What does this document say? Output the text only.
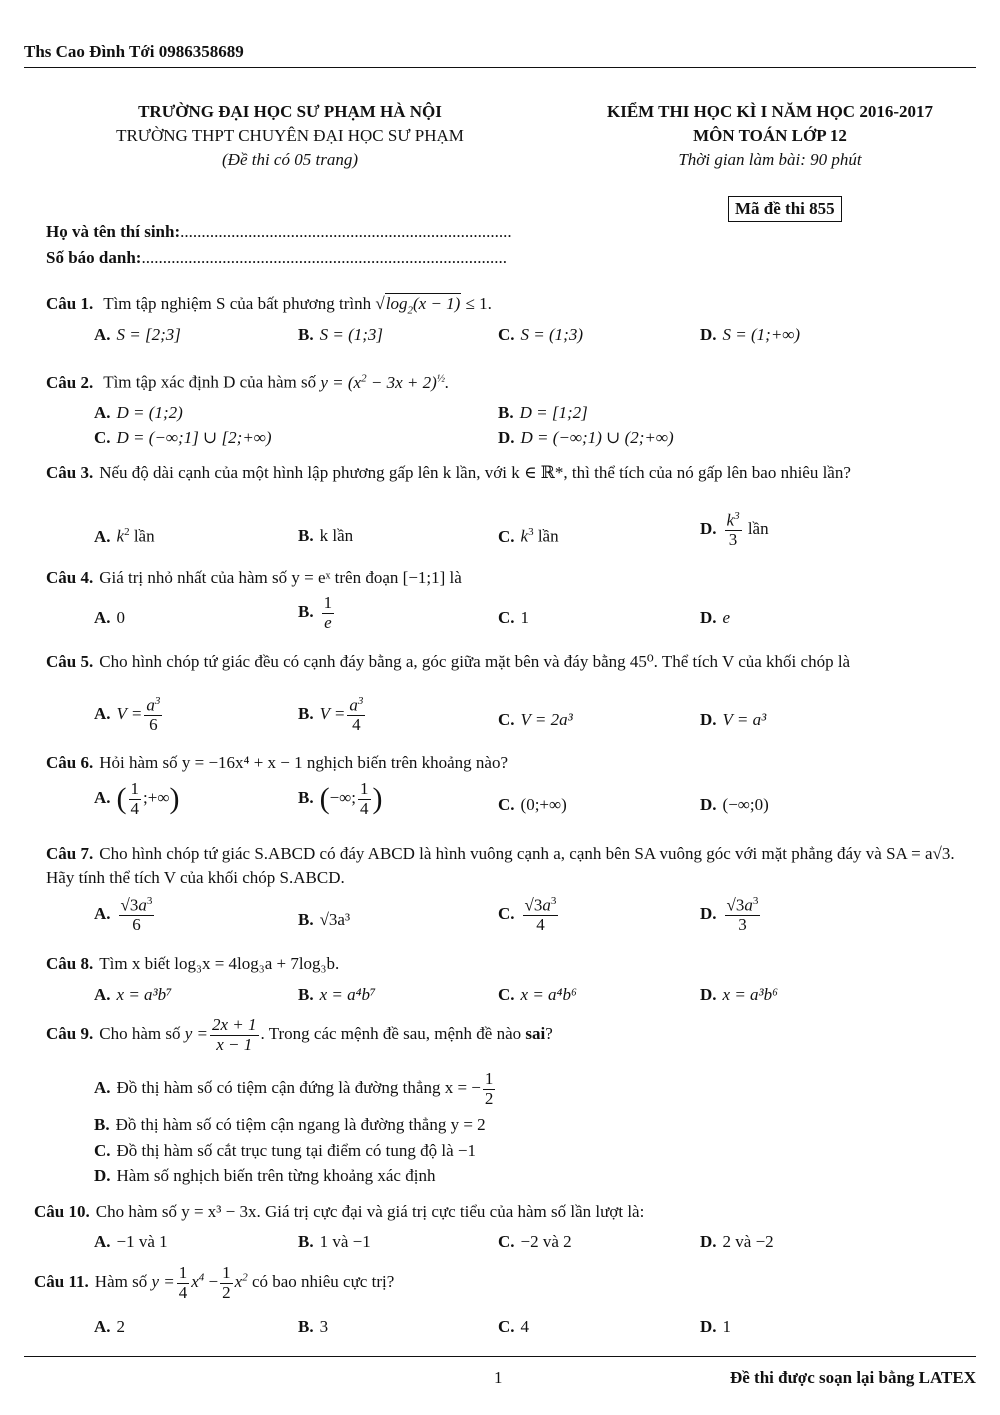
Ths Cao Đình Tới 0986358689
TRƯỜNG ĐẠI HỌC SƯ PHẠM HÀ NỘI
TRƯỜNG THPT CHUYÊN ĐẠI HỌC SƯ PHẠM
(Đề thi có 05 trang)
KIỂM THI HỌC KÌ I NĂM HỌC 2016-2017
MÔN TOÁN LỚP 12
Thời gian làm bài: 90 phút
Mã đề thi 855
Họ và tên thí sinh:..............................................................................
Số báo danh:......................................................................................
Câu 1. Tìm tập nghiệm S của bất phương trình $√\log_2(x - 1) \le 1$.
A. S = [2;3]	B. S = (1;3]	C. S = (1;3)	D. S = (1;+∞)
Câu 2. Tìm tập xác định D của hàm số $y = (x^2 - 3x + 2)^{\frac{1}{2}}$.
A. D = (1;2)	B. D = [1;2]
C. D = (−∞;1] ∪ [2;+∞)	D. D = (−∞;1) ∪ (2;+∞)
Câu 3. Nếu độ dài cạnh của một hình lập phương gấp lên k lần, với k ∈ ℝ*, thì thể tích của nó gấp lên bao nhiêu lần?
A. $k^2$ lần	B. k lần	C. $k^3$ lần	D. $\frac{k^3}{3}$ lần
Câu 4. Giá trị nhỏ nhất của hàm số y = eˣ trên đoạn [−1;1] là
A. 0	B. $\frac{1}{e}$	C. 1	D. e
Câu 5. Cho hình chóp tứ giác đều có cạnh đáy bằng a, góc giữa mặt bên và đáy bằng 45⁰. Thể tích V của khối chóp là
A. $V = \frac{a^3}{6}$	B. $V = \frac{a^3}{4}$	C. V = 2a³	D. V = a³
Câu 6. Hỏi hàm số y = −16x⁴ + x − 1 nghịch biến trên khoảng nào?
A. ( $\frac{1}{4}$ ;+∞)	B. (−∞; $\frac{1}{4}$ )	C. (0;+∞)	D. (−∞;0)
Câu 7. Cho hình chóp tứ giác S.ABCD có đáy ABCD là hình vuông cạnh a, cạnh bên SA vuông góc với mặt phẳng đáy và SA = a√3. Hãy tính thể tích V của khối chóp S.ABCD.
A. $\frac{√3a^3}{6}$	B. √3a³	C. $\frac{√3a^3}{4}$	D. $\frac{√3a^3}{3}$
Câu 8. Tìm x biết log₃x = 4log₃a + 7log₃b.
A. x = a³b⁷	B. x = a⁴b⁷	C. x = a⁴b⁶	D. x = a³b⁶
Câu 9. Cho hàm số $y = \frac{2x + 1}{x - 1}$ . Trong các mệnh đề sau, mệnh đề nào sai?
A. Đồ thị hàm số có tiệm cận đứng là đường thẳng x = − $\frac{1}{2}$
B. Đồ thị hàm số có tiệm cận ngang là đường thẳng y = 2
C. Đồ thị hàm số cắt trục tung tại điểm có tung độ là −1
D. Hàm số nghịch biến trên từng khoảng xác định
Câu 10. Cho hàm số y = x³ − 3x. Giá trị cực đại và giá trị cực tiểu của hàm số lần lượt là:
A. −1 và 1	B. 1 và −1	C. −2 và 2	D. 2 và −2
Câu 11. Hàm số $y = \frac{1}{4} x^4 - \frac{1}{2} x^2$ có bao nhiêu cực trị?
A. 2	B. 3	C. 4	D. 1
1	Đề thi được soạn lại bằng LATEX
